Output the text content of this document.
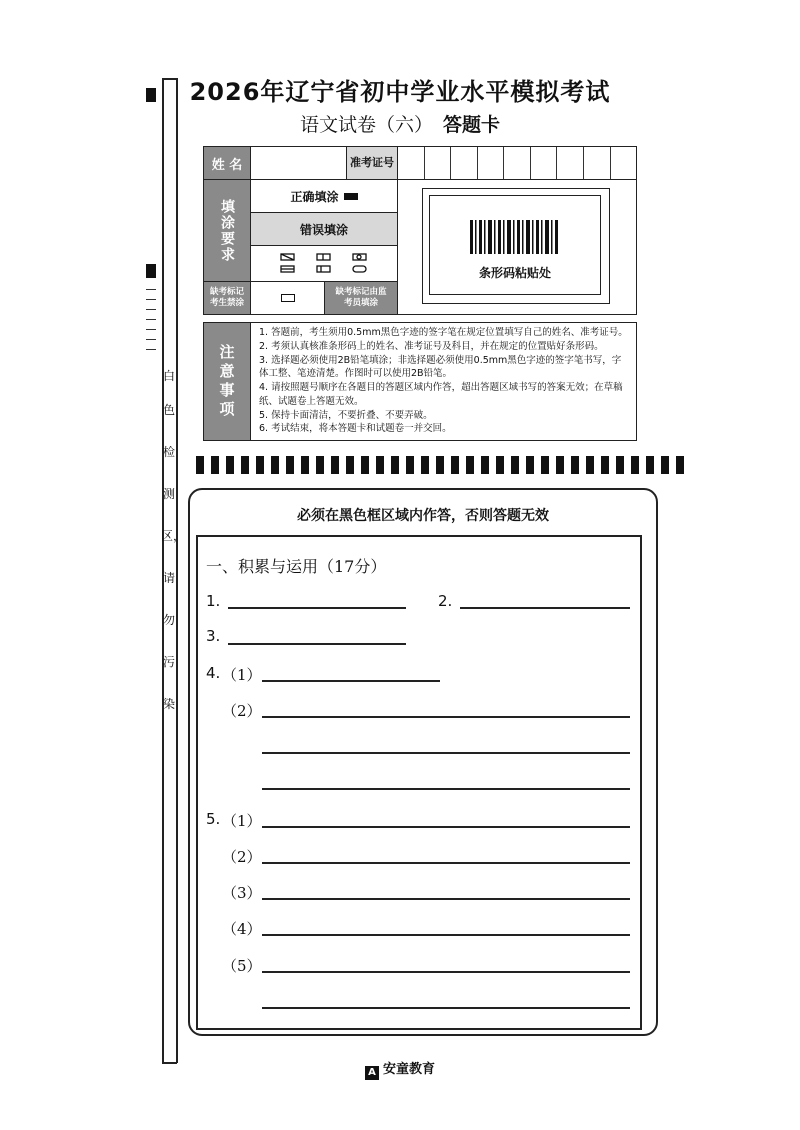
2026年辽宁省初中学业水平模拟考试
语文试卷（六） 答题卡
白
色
检
测
区，
请
勿
污
染
姓 名	准考证号
填涂要求
正确填涂
错误填涂
缺考标记考生禁涂
缺考标记由监考员填涂
条形码粘贴处
注意事项
1. 答题前，考生须用0.5mm黑色字迹的签字笔在规定位置填写自己的姓名、准考证号。
2. 考须认真核准条形码上的姓名、准考证号及科目，并在规定的位置贴好条形码。
3. 选择题必须使用2B铅笔填涂；非选择题必须使用0.5mm黑色字迹的签字笔书写，字体工整、笔迹清楚。作图时可以使用2B铅笔。
4. 请按照题号顺序在各题目的答题区域内作答，超出答题区域书写的答案无效；在草稿纸、试题卷上答题无效。
5. 保持卡面清洁，不要折叠、不要弄破。
6. 考试结束，将本答题卡和试题卷一并交回。
必须在黑色框区域内作答，否则答题无效
一、积累与运用（17分）
1.	2.
3.
4. （1）
（2）
5. （1）
（2）
（3）
（4）
（5）
A 安童教育
